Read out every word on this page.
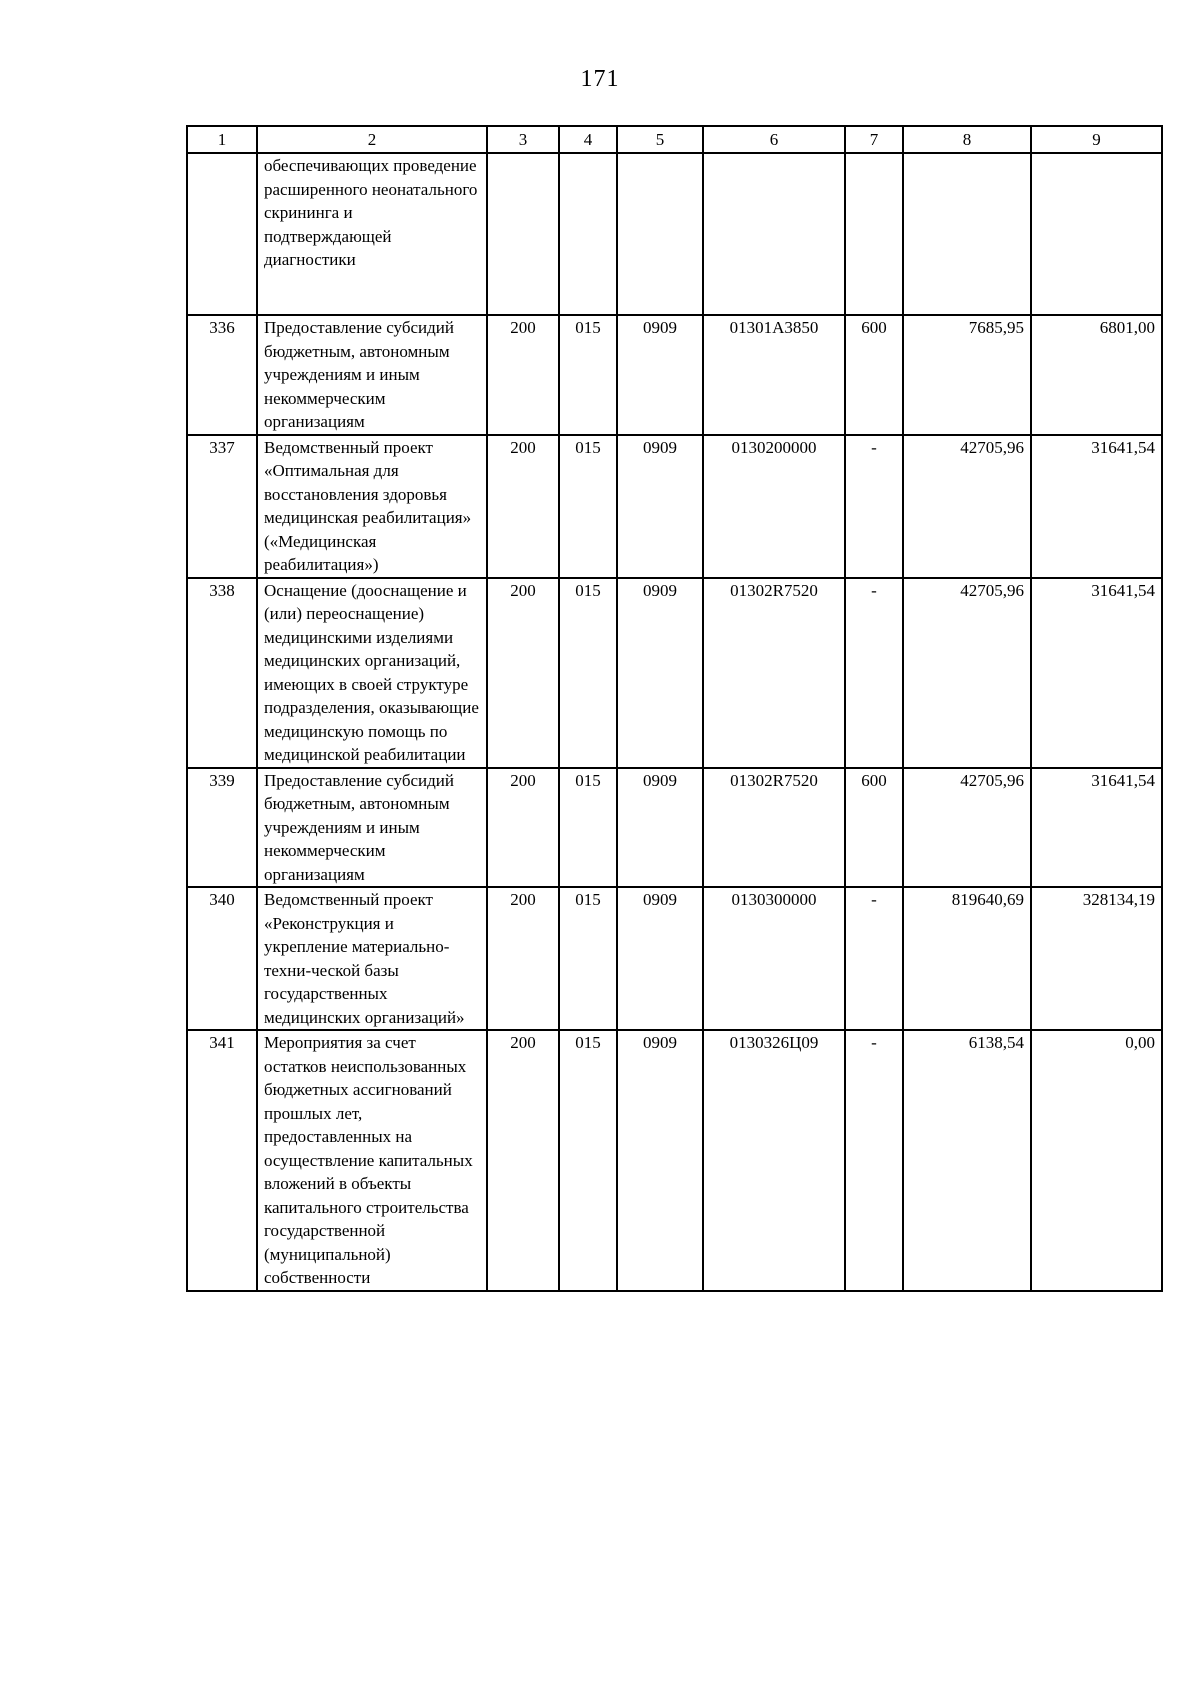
171
1	2	3	4	5	6	7	8	9
	обеспечивающих проведение расширенного неонатального скрининга и подтверждающей диагностики							
336	Предоставление субсидий бюджетным, автономным учреждениям и иным некоммерческим организациям	200	015	0909	01301А3850	600	7685,95	6801,00
337	Ведомственный проект «Оптимальная для восстановления здоровья медицинская реабилитация» («Медицинская реабилитация»)	200	015	0909	0130200000	-	42705,96	31641,54
338	Оснащение (дооснащение и (или) переоснащение) медицинскими изделиями медицинских организаций, имеющих в своей структуре подразделения, оказывающие медицинскую помощь по медицинской реабилитации	200	015	0909	01302R7520	-	42705,96	31641,54
339	Предоставление субсидий бюджетным, автономным учреждениям и иным некоммерческим организациям	200	015	0909	01302R7520	600	42705,96	31641,54
340	Ведомственный проект «Реконструкция и укрепление материально-техни-ческой базы государственных медицинских организаций»	200	015	0909	0130300000	-	819640,69	328134,19
341	Мероприятия за счет остатков неиспользованных бюджетных ассигнований прошлых лет, предоставленных на осуществление капитальных вложений в объекты капитального строительства государственной (муниципальной) собственности	200	015	0909	0130326Ц09	-	6138,54	0,00
